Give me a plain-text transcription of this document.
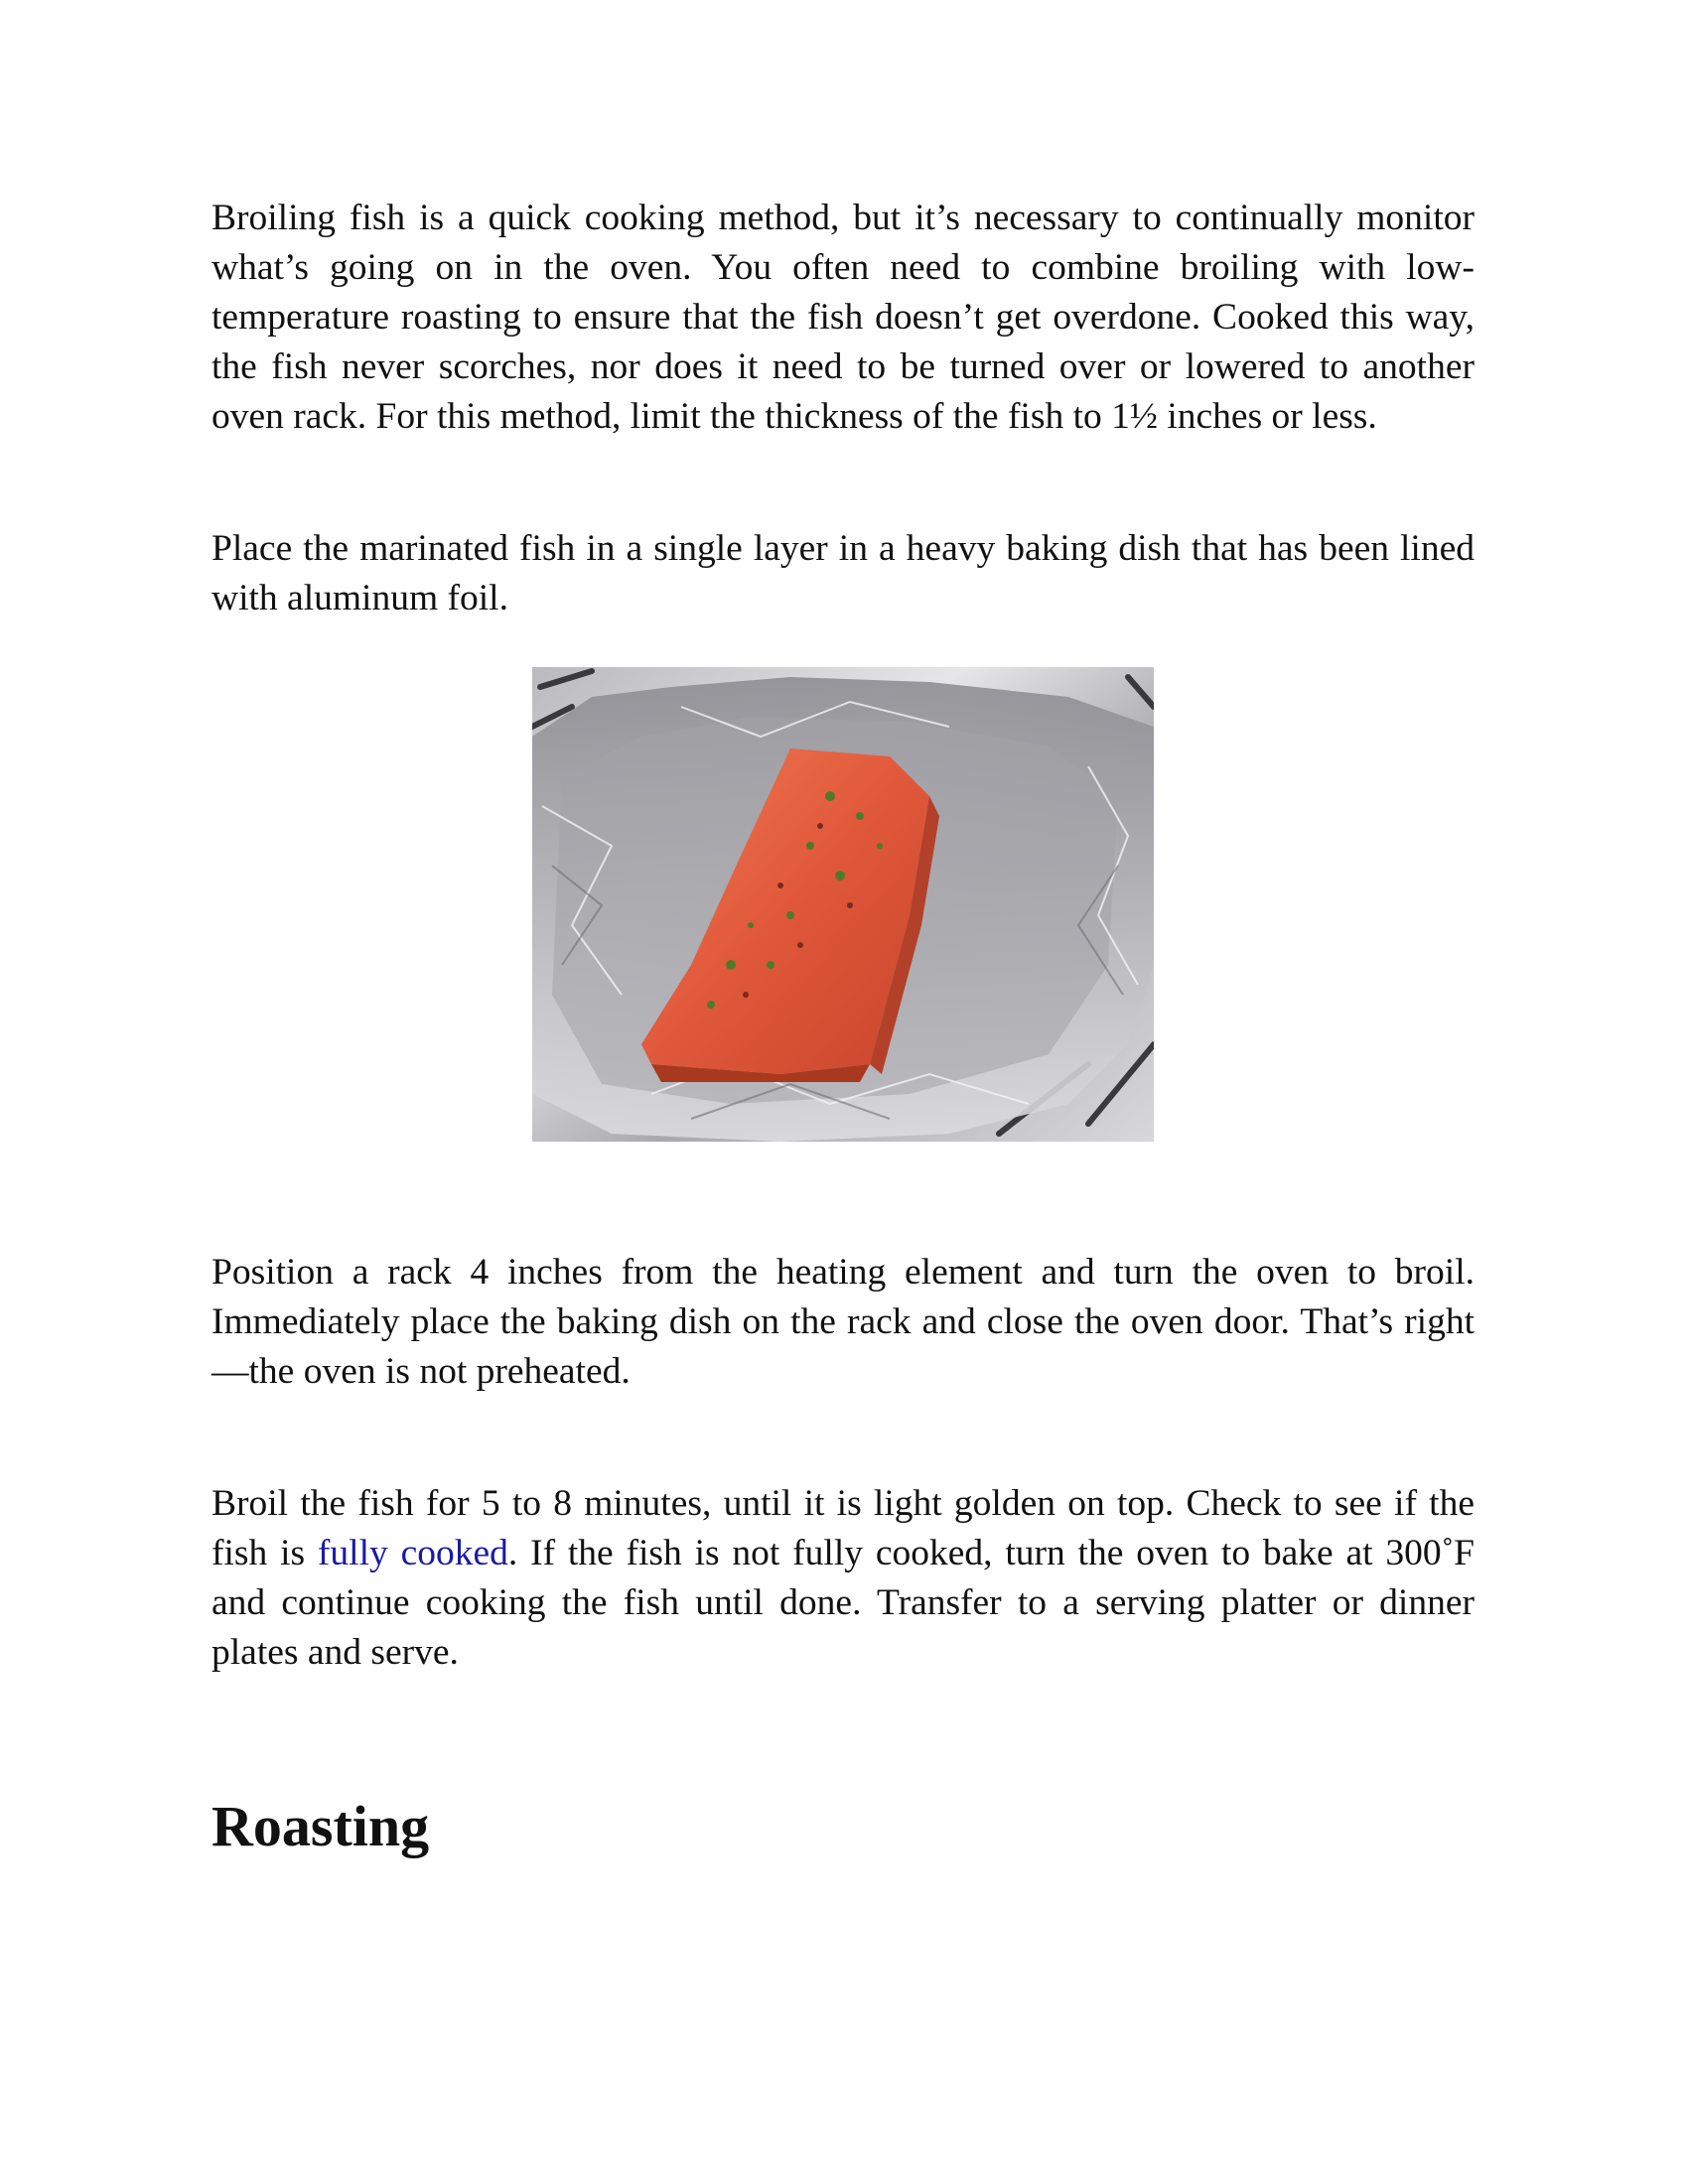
Broiling fish is a quick cooking method, but it’s necessary to continually monitor what’s going on in the oven. You often need to combine broiling with low-temperature roasting to ensure that the fish doesn’t get overdone. Cooked this way, the fish never scorches, nor does it need to be turned over or lowered to another oven rack. For this method, limit the thickness of the fish to 1½ inches or less.

Place the marinated fish in a single layer in a heavy baking dish that has been lined with aluminum foil.

Position a rack 4 inches from the heating element and turn the oven to broil. Immediately place the baking dish on the rack and close the oven door. That’s right—the oven is not preheated.

Broil the fish for 5 to 8 minutes, until it is light golden on top. Check to see if the fish is fully cooked. If the fish is not fully cooked, turn the oven to bake at 300˚F and continue cooking the fish until done. Transfer to a serving platter or dinner plates and serve.

Roasting
